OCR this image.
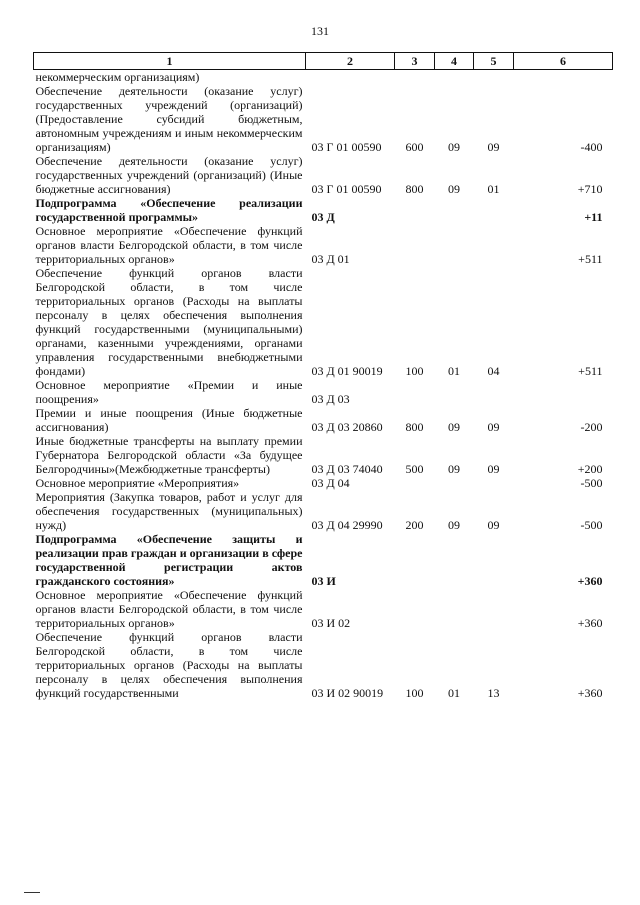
131
1	2	3	4	5	6
некоммерческим организациям)					
Обеспечение деятельности (оказание услуг) государственных учреждений (организаций) (Предоставление субсидий бюджетным, автономным учреждениям и иным некоммерческим организациям)	03 Г 01 00590	600	09	09	-400
Обеспечение деятельности (оказание услуг) государственных учреждений (организаций) (Иные бюджетные ассигнования)	03 Г 01 00590	800	09	01	+710
Подпрограмма «Обеспечение реализации государственной программы»	03 Д				+11
Основное мероприятие «Обеспечение функций органов власти Белгородской области, в том числе территориальных органов»	03 Д 01				+511
Обеспечение функций органов власти Белгородской области, в том числе территориальных органов (Расходы на выплаты персоналу в целях обеспечения выполнения функций государственными (муниципальными) органами, казенными учреждениями, органами управления государственными внебюджетными фондами)	03 Д 01 90019	100	01	04	+511
Основное мероприятие «Премии и иные поощрения»	03 Д 03				
Премии и иные поощрения (Иные бюджетные ассигнования)	03 Д 03 20860	800	09	09	-200
Иные бюджетные трансферты на выплату премии Губернатора Белгородской области «За будущее Белгородчины»(Межбюджетные трансферты)	03 Д 03 74040	500	09	09	+200
Основное мероприятие «Мероприятия»	03 Д 04				-500
Мероприятия (Закупка товаров, работ и услуг для обеспечения государственных (муниципальных) нужд)	03 Д 04 29990	200	09	09	-500
Подпрограмма «Обеспечение защиты и реализации прав граждан и организации в сфере государственной регистрации актов гражданского состояния»	03 И				+360
Основное мероприятие «Обеспечение функций органов власти Белгородской области, в том числе территориальных органов»	03 И 02				+360
Обеспечение функций органов власти Белгородской области, в том числе территориальных органов (Расходы на выплаты персоналу в целях обеспечения выполнения функций государственными	03 И 02 90019	100	01	13	+360
